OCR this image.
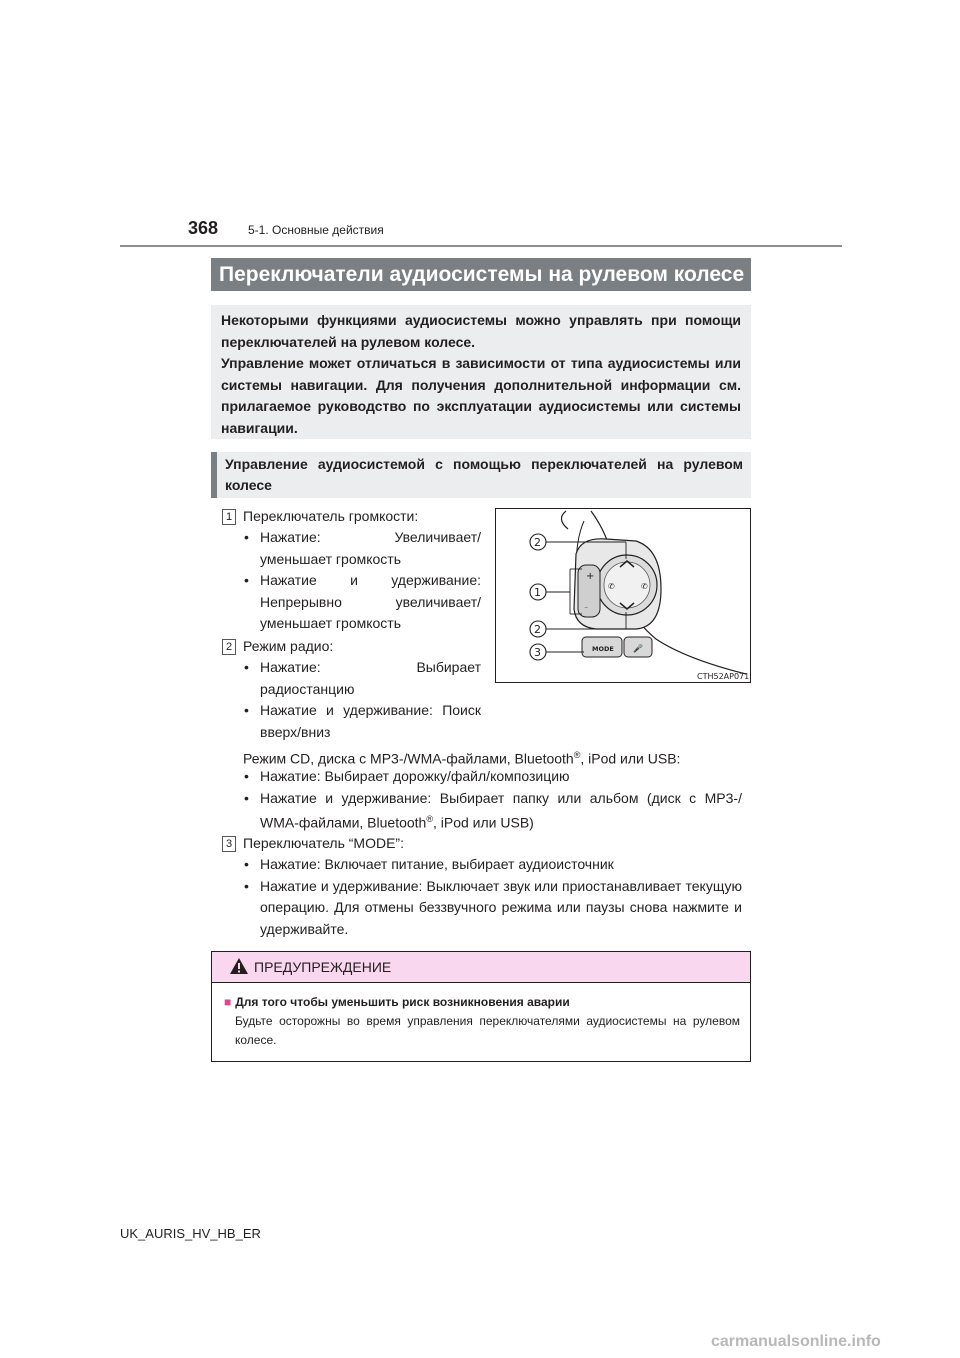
368 5-1. Основные действия
Переключатели аудиосистемы на рулевом колесе

Некоторыми функциями аудиосистемы можно управлять при помощи переключателей на рулевом колесе.

Управление может отличаться в зависимости от типа аудиосистемы или системы навигации. Для получения дополнительной информации см. прилагаемое руководство по эксплуатации аудиосистемы или системы навигации.

Управление аудиосистемой с помощью переключателей на рулевом колесе
1 Переключатель громкости:
• Нажатие: Увеличивает/ уменьшает громкость
• Нажатие и удерживание: Непрерывно увеличивает/ уменьшает громкость
2 Режим радио:
• Нажатие: Выбирает радиостанцию
• Нажатие и удерживание: Поиск вверх/вниз
Режим CD, диска с MP3-/WMA-файлами, Bluetooth®, iPod или USB:
• Нажатие: Выбирает дорожку/файл/композицию
• Нажатие и удерживание: Выбирает папку или альбом (диск с MP3-/ WMA-файлами, Bluetooth®, iPod или USB)
3 Переключатель “MODE”:
• Нажатие: Включает питание, выбирает аудиоисточник
• Нажатие и удерживание: Выключает звук или приостанавливает текущую операцию. Для отмены беззвучного режима или паузы снова нажмите и удерживайте.
✆	✆
+
⁻
MODE 🎤
2
1
2
3
CTH52AP071
ПРЕДУПРЕЖДЕНИЕ
■ Для того чтобы уменьшить риск возникновения аварии
Будьте осторожны во время управления переключателями аудиосистемы на рулевом колесе.
UK_AURIS_HV_HB_ER
carmanualsonline.info
